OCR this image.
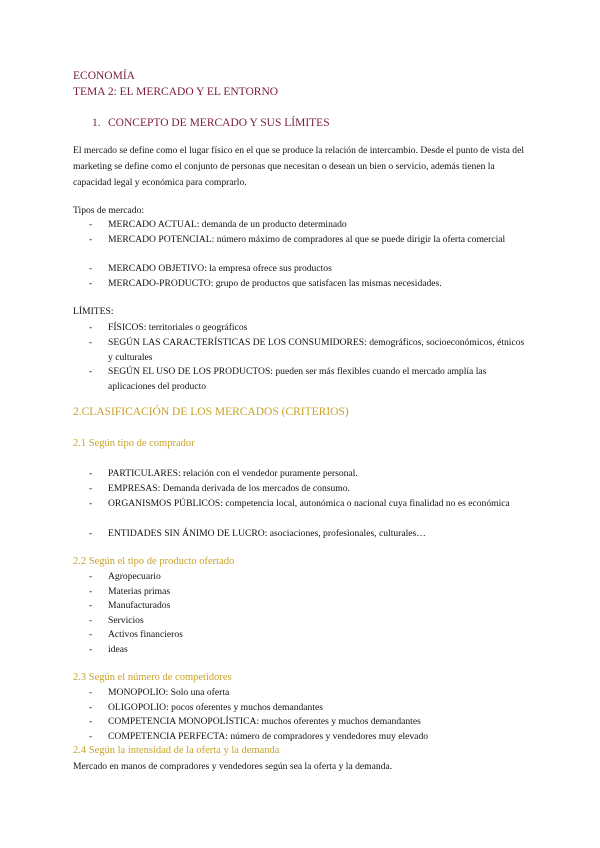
ECONOMÍA
TEMA 2: EL MERCADO Y EL ENTORNO
1. CONCEPTO DE MERCADO Y SUS LÍMITES
El mercado se define como el lugar físico en el que se produce la relación de intercambio. Desde el punto de vista del marketing se define como el conjunto de personas que necesitan o desean un bien o servicio, además tienen la capacidad legal y económica para comprarlo.
Tipos de mercado:
- MERCADO ACTUAL: demanda de un producto determinado
- MERCADO POTENCIAL: número máximo de compradores al que se puede dirigir la oferta comercial
- MERCADO OBJETIVO: la empresa ofrece sus productos
- MERCADO-PRODUCTO: grupo de productos que satisfacen las mismas necesidades.
LÍMITES:
- FÍSICOS: territoriales o geográficos
- SEGÚN LAS CARACTERÍSTICAS DE LOS CONSUMIDORES: demográficos, socioeconómicos, étnicos y culturales
- SEGÚN EL USO DE LOS PRODUCTOS: pueden ser más flexibles cuando el mercado amplía las aplicaciones del producto
2.CLASIFICACIÓN DE LOS MERCADOS (CRITERIOS)
2.1 Según tipo de comprador
- PARTICULARES: relación con el vendedor puramente personal.
- EMPRESAS: Demanda derivada de los mercados de consumo.
- ORGANISMOS PÚBLICOS: competencia local, autonómica o nacional cuya finalidad no es económica
- ENTIDADES SIN ÁNIMO DE LUCRO: asociaciones, profesionales, culturales…
2.2 Según el tipo de producto ofertado
- Agropecuario
- Materias primas
- Manufacturados
- Servicios
- Activos financieros
- ideas
2.3 Según el número de competidores
- MONOPOLIO: Solo una oferta
- OLIGOPOLIO: pocos oferentes y muchos demandantes
- COMPETENCIA MONOPOLÍSTICA: muchos oferentes y muchos demandantes
- COMPETENCIA PERFECTA: número de compradores y vendedores muy elevado
2.4 Según la intensidad de la oferta y la demanda
Mercado en manos de compradores y vendedores según sea la oferta y la demanda.
